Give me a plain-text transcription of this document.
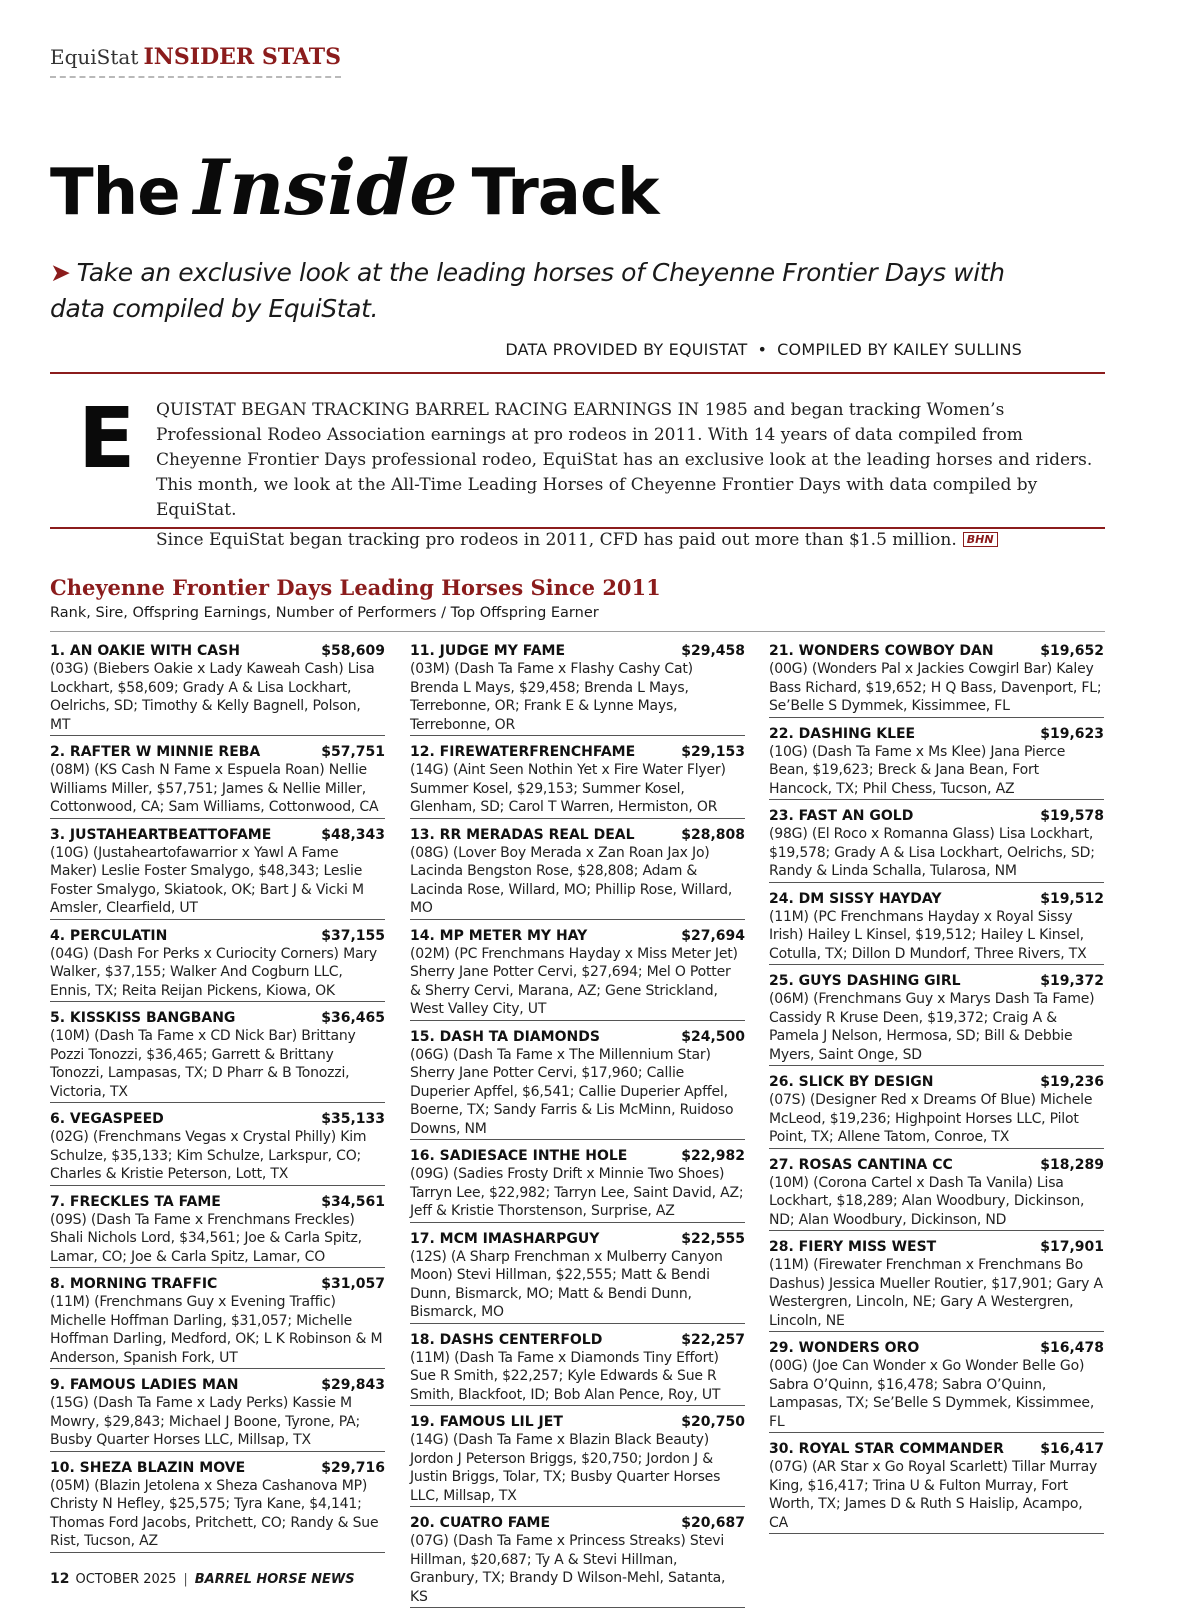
EquiStat INSIDER STATS
The Inside Track

➤ Take an exclusive look at the leading horses of Cheyenne Frontier Days with data compiled by EquiStat.

DATA PROVIDED BY EQUISTAT • COMPILED BY KAILEY SULLINS
E QUISTAT BEGAN TRACKING BARREL RACING EARNINGS IN 1985 and began tracking Women’s Professional Rodeo Association earnings at pro rodeos in 2011. With 14 years of data compiled from Cheyenne Frontier Days professional rodeo, EquiStat has an exclusive look at the leading horses and riders. This month, we look at the All-Time Leading Horses of Cheyenne Frontier Days with data compiled by EquiStat.

Since EquiStat began tracking pro rodeos in 2011, CFD has paid out more than $1.5 million. BHN

Cheyenne Frontier Days Leading Horses Since 2011
Rank, Sire, Offspring Earnings, Number of Performers / Top Offspring Earner
1. AN OAKIE WITH CASH	$58,609
(03G) (Biebers Oakie x Lady Kaweah Cash) Lisa Lockhart, $58,609; Grady A & Lisa Lockhart, Oelrichs, SD; Timothy & Kelly Bagnell, Polson, MT
2. RAFTER W MINNIE REBA	$57,751
(08M) (KS Cash N Fame x Espuela Roan) Nellie Williams Miller, $57,751; James & Nellie Miller, Cottonwood, CA; Sam Williams, Cottonwood, CA
3. JUSTAHEARTBEATTOFAME	$48,343
(10G) (Justaheartofawarrior x Yawl A Fame Maker) Leslie Foster Smalygo, $48,343; Leslie Foster Smalygo, Skiatook, OK; Bart J & Vicki M Amsler, Clearfield, UT
4. PERCULATIN	$37,155
(04G) (Dash For Perks x Curiocity Corners) Mary Walker, $37,155; Walker And Cogburn LLC, Ennis, TX; Reita Reijan Pickens, Kiowa, OK
5. KISSKISS BANGBANG	$36,465
(10M) (Dash Ta Fame x CD Nick Bar) Brittany Pozzi Tonozzi, $36,465; Garrett & Brittany Tonozzi, Lampasas, TX; D Pharr & B Tonozzi, Victoria, TX
6. VEGASPEED	$35,133
(02G) (Frenchmans Vegas x Crystal Philly) Kim Schulze, $35,133; Kim Schulze, Larkspur, CO; Charles & Kristie Peterson, Lott, TX
7. FRECKLES TA FAME	$34,561
(09S) (Dash Ta Fame x Frenchmans Freckles) Shali Nichols Lord, $34,561; Joe & Carla Spitz, Lamar, CO; Joe & Carla Spitz, Lamar, CO
8. MORNING TRAFFIC	$31,057
(11M) (Frenchmans Guy x Evening Traffic) Michelle Hoffman Darling, $31,057; Michelle Hoffman Darling, Medford, OK; L K Robinson & M Anderson, Spanish Fork, UT
9. FAMOUS LADIES MAN	$29,843
(15G) (Dash Ta Fame x Lady Perks) Kassie M Mowry, $29,843; Michael J Boone, Tyrone, PA; Busby Quarter Horses LLC, Millsap, TX
10. SHEZA BLAZIN MOVE	$29,716
(05M) (Blazin Jetolena x Sheza Cashanova MP) Christy N Hefley, $25,575; Tyra Kane, $4,141; Thomas Ford Jacobs, Pritchett, CO; Randy & Sue Rist, Tucson, AZ
11. JUDGE MY FAME	$29,458
(03M) (Dash Ta Fame x Flashy Cashy Cat) Brenda L Mays, $29,458; Brenda L Mays, Terrebonne, OR; Frank E & Lynne Mays, Terrebonne, OR
12. FIREWATERFRENCHFAME	$29,153
(14G) (Aint Seen Nothin Yet x Fire Water Flyer) Summer Kosel, $29,153; Summer Kosel, Glenham, SD; Carol T Warren, Hermiston, OR
13. RR MERADAS REAL DEAL	$28,808
(08G) (Lover Boy Merada x Zan Roan Jax Jo) Lacinda Bengston Rose, $28,808; Adam & Lacinda Rose, Willard, MO; Phillip Rose, Willard, MO
14. MP METER MY HAY	$27,694
(02M) (PC Frenchmans Hayday x Miss Meter Jet) Sherry Jane Potter Cervi, $27,694; Mel O Potter & Sherry Cervi, Marana, AZ; Gene Strickland, West Valley City, UT
15. DASH TA DIAMONDS	$24,500
(06G) (Dash Ta Fame x The Millennium Star) Sherry Jane Potter Cervi, $17,960; Callie Duperier Apffel, $6,541; Callie Duperier Apffel, Boerne, TX; Sandy Farris & Lis McMinn, Ruidoso Downs, NM
16. SADIESACE INTHE HOLE	$22,982
(09G) (Sadies Frosty Drift x Minnie Two Shoes) Tarryn Lee, $22,982; Tarryn Lee, Saint David, AZ; Jeff & Kristie Thorstenson, Surprise, AZ
17. MCM IMASHARPGUY	$22,555
(12S) (A Sharp Frenchman x Mulberry Canyon Moon) Stevi Hillman, $22,555; Matt & Bendi Dunn, Bismarck, MO; Matt & Bendi Dunn, Bismarck, MO
18. DASHS CENTERFOLD	$22,257
(11M) (Dash Ta Fame x Diamonds Tiny Effort) Sue R Smith, $22,257; Kyle Edwards & Sue R Smith, Blackfoot, ID; Bob Alan Pence, Roy, UT
19. FAMOUS LIL JET	$20,750
(14G) (Dash Ta Fame x Blazin Black Beauty) Jordon J Peterson Briggs, $20,750; Jordon J & Justin Briggs, Tolar, TX; Busby Quarter Horses LLC, Millsap, TX
20. CUATRO FAME	$20,687
(07G) (Dash Ta Fame x Princess Streaks) Stevi Hillman, $20,687; Ty A & Stevi Hillman, Granbury, TX; Brandy D Wilson-Mehl, Satanta, KS
21. WONDERS COWBOY DAN	$19,652
(00G) (Wonders Pal x Jackies Cowgirl Bar) Kaley Bass Richard, $19,652; H Q Bass, Davenport, FL; Se’Belle S Dymmek, Kissimmee, FL
22. DASHING KLEE	$19,623
(10G) (Dash Ta Fame x Ms Klee) Jana Pierce Bean, $19,623; Breck & Jana Bean, Fort Hancock, TX; Phil Chess, Tucson, AZ
23. FAST AN GOLD	$19,578
(98G) (El Roco x Romanna Glass) Lisa Lockhart, $19,578; Grady A & Lisa Lockhart, Oelrichs, SD; Randy & Linda Schalla, Tularosa, NM
24. DM SISSY HAYDAY	$19,512
(11M) (PC Frenchmans Hayday x Royal Sissy Irish) Hailey L Kinsel, $19,512; Hailey L Kinsel, Cotulla, TX; Dillon D Mundorf, Three Rivers, TX
25. GUYS DASHING GIRL	$19,372
(06M) (Frenchmans Guy x Marys Dash Ta Fame) Cassidy R Kruse Deen, $19,372; Craig A & Pamela J Nelson, Hermosa, SD; Bill & Debbie Myers, Saint Onge, SD
26. SLICK BY DESIGN	$19,236
(07S) (Designer Red x Dreams Of Blue) Michele McLeod, $19,236; Highpoint Horses LLC, Pilot Point, TX; Allene Tatom, Conroe, TX
27. ROSAS CANTINA CC	$18,289
(10M) (Corona Cartel x Dash Ta Vanila) Lisa Lockhart, $18,289; Alan Woodbury, Dickinson, ND; Alan Woodbury, Dickinson, ND
28. FIERY MISS WEST	$17,901
(11M) (Firewater Frenchman x Frenchmans Bo Dashus) Jessica Mueller Routier, $17,901; Gary A Westergren, Lincoln, NE; Gary A Westergren, Lincoln, NE
29. WONDERS ORO	$16,478
(00G) (Joe Can Wonder x Go Wonder Belle Go) Sabra O’Quinn, $16,478; Sabra O’Quinn, Lampasas, TX; Se’Belle S Dymmek, Kissimmee, FL
30. ROYAL STAR COMMANDER	$16,417
(07G) (AR Star x Go Royal Scarlett) Tillar Murray King, $16,417; Trina U & Fulton Murray, Fort Worth, TX; James D & Ruth S Haislip, Acampo, CA
12 OCTOBER 2025 | BARREL HORSE NEWS
